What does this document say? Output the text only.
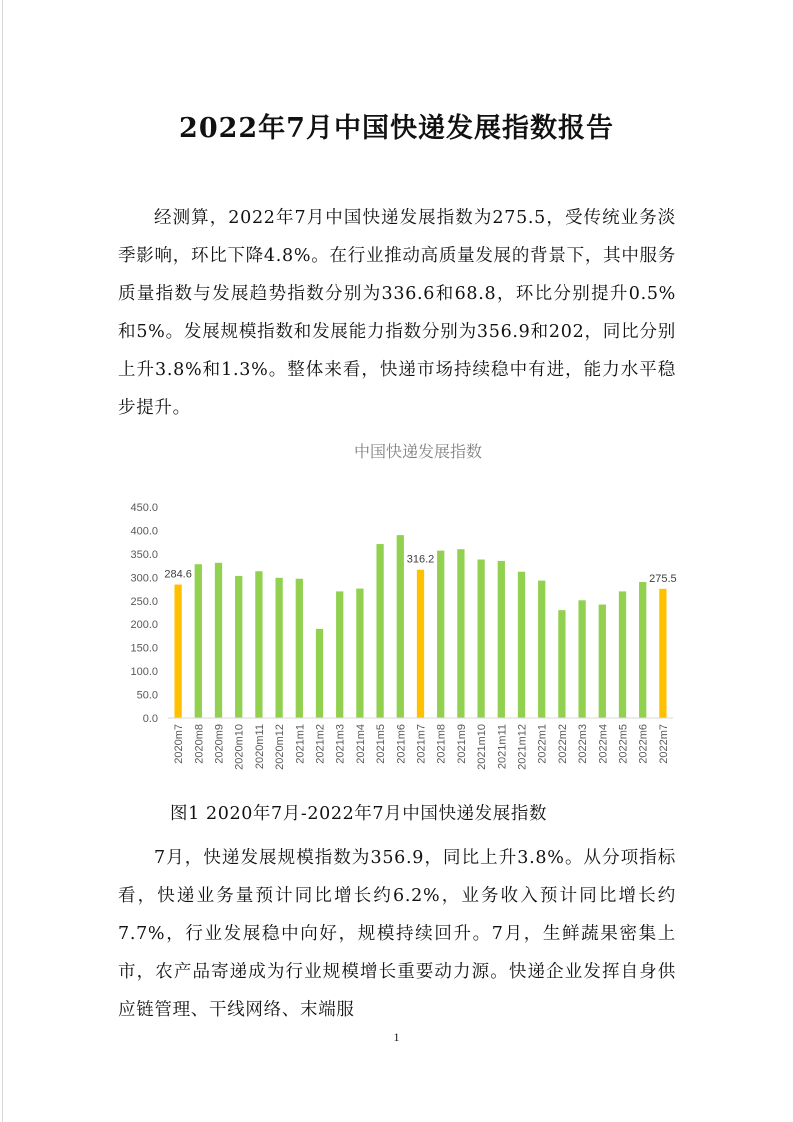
2022年7月中国快递发展指数报告

经测算，2022年7月中国快递发展指数为275.5，受传统业务淡季影响，环比下降4.8%。在行业推动高质量发展的背景下，其中服务质量指数与发展趋势指数分别为336.6和68.8，环比分别提升0.5%和5%。发展规模指数和发展能力指数分别为356.9和202，同比分别上升3.8%和1.3%。整体来看，快递市场持续稳中有进，能力水平稳步提升。

中国快递发展指数
0.0
50.0
100.0
150.0
200.0
250.0
300.0
350.0
400.0
450.0
284.6
316.2
275.5
2020m7 2020m8 2020m9 2020m10 2020m11 2020m12 2021m1 2021m2 2021m3 2021m4 2021m5 2021m6 2021m7 2021m8 2021m9 2021m10 2021m11 2021m12 2022m1 2022m2 2022m3 2022m4 2022m5 2022m6 2022m7

图1 2020年7月-2022年7月中国快递发展指数

7月，快递发展规模指数为356.9，同比上升3.8%。从分项指标看，快递业务量预计同比增长约6.2%，业务收入预计同比增长约7.7%，行业发展稳中向好，规模持续回升。7月，生鲜蔬果密集上市，农产品寄递成为行业规模增长重要动力源。快递企业发挥自身供应链管理、干线网络、末端服

1
